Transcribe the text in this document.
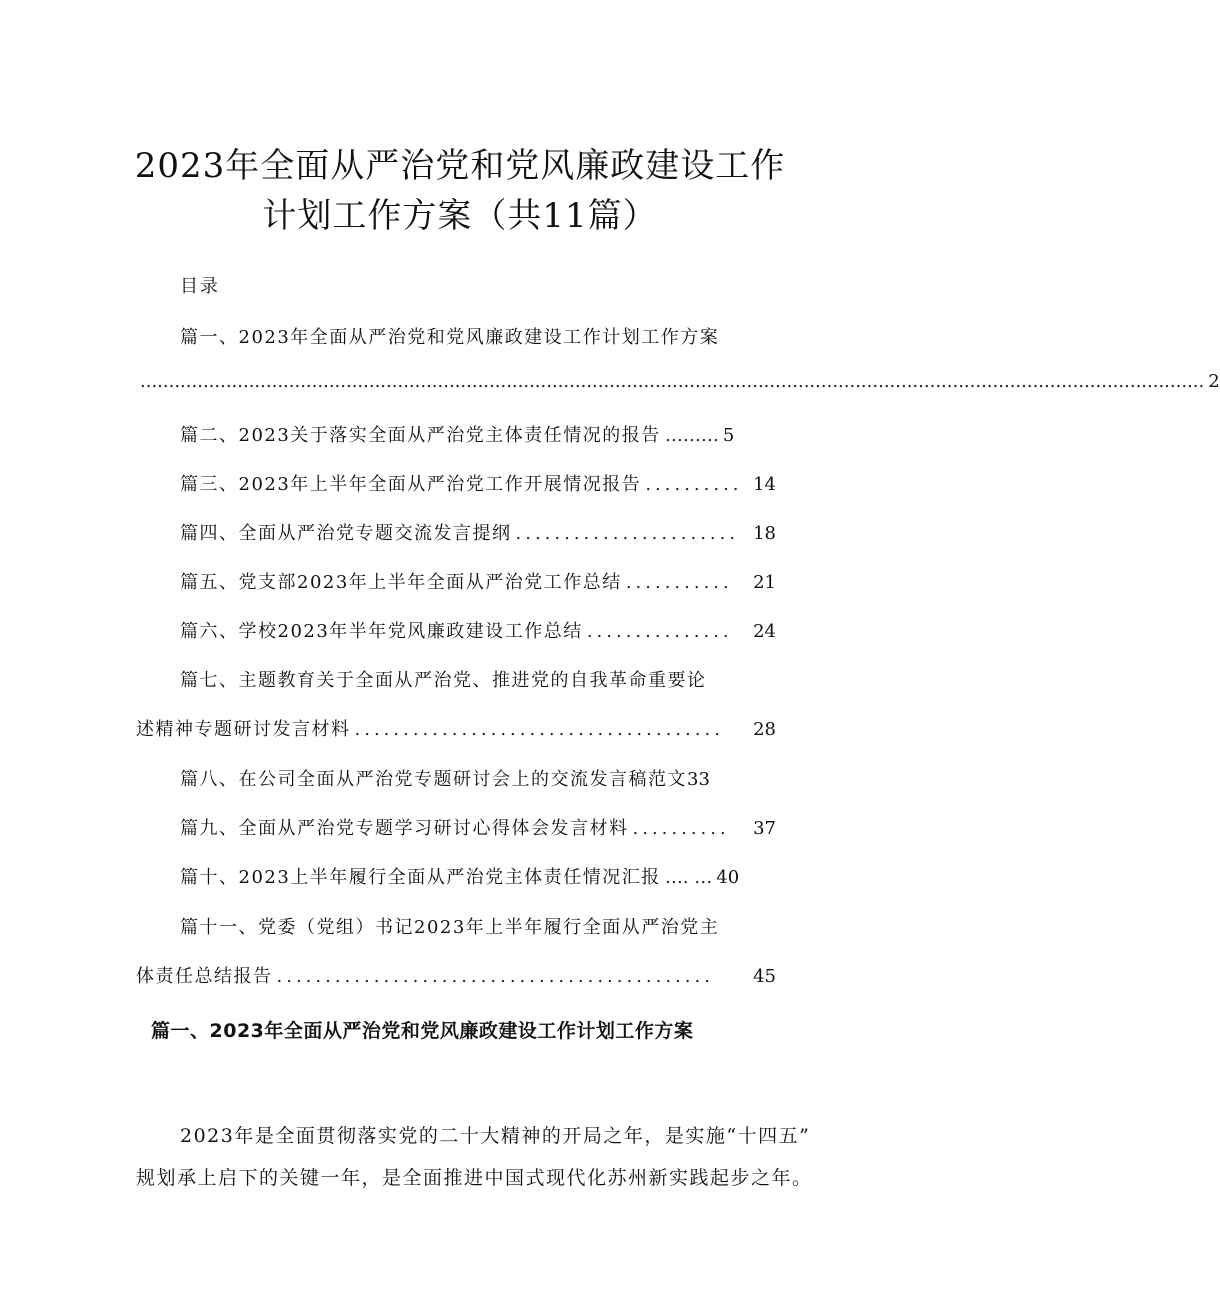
2023年全面从严治党和党风廉政建设工作
计划工作方案（共11篇）
目录
篇一、2023年全面从严治党和党风廉政建设工作计划工作方案
.......................................................................................................................................................................................... 2
篇二、2023关于落实全面从严治党主体责任情况的报告 ……… 5
篇三、2023年上半年全面从严治党工作开展情况报告 .......... 14
篇四、全面从严治党专题交流发言提纲 ....................... 18
篇五、党支部2023年上半年全面从严治党工作总结 ...........	21
篇六、学校2023年半年党风廉政建设工作总结 ...............	24
篇七、主题教育关于全面从严治党、推进党的自我革命重要论
述精神专题研讨发言材料 ......................................	28
篇八、在公司全面从严治党专题研讨会上的交流发言稿范文 33
篇九、全面从严治党专题学习研讨心得体会发言材料 ..........	37
篇十、2023上半年履行全面从严治党主体责任情况汇报 …. … 40
篇十一、党委（党组）书记2023年上半年履行全面从严治党主
体责任总结报告 .............................................	45
篇一、2023年全面从严治党和党风廉政建设工作计划工作方案
2023年是全面贯彻落实党的二十大精神的开局之年，是实施“十四五”
规划承上启下的关键一年，是全面推进中国式现代化苏州新实践起步之年。
